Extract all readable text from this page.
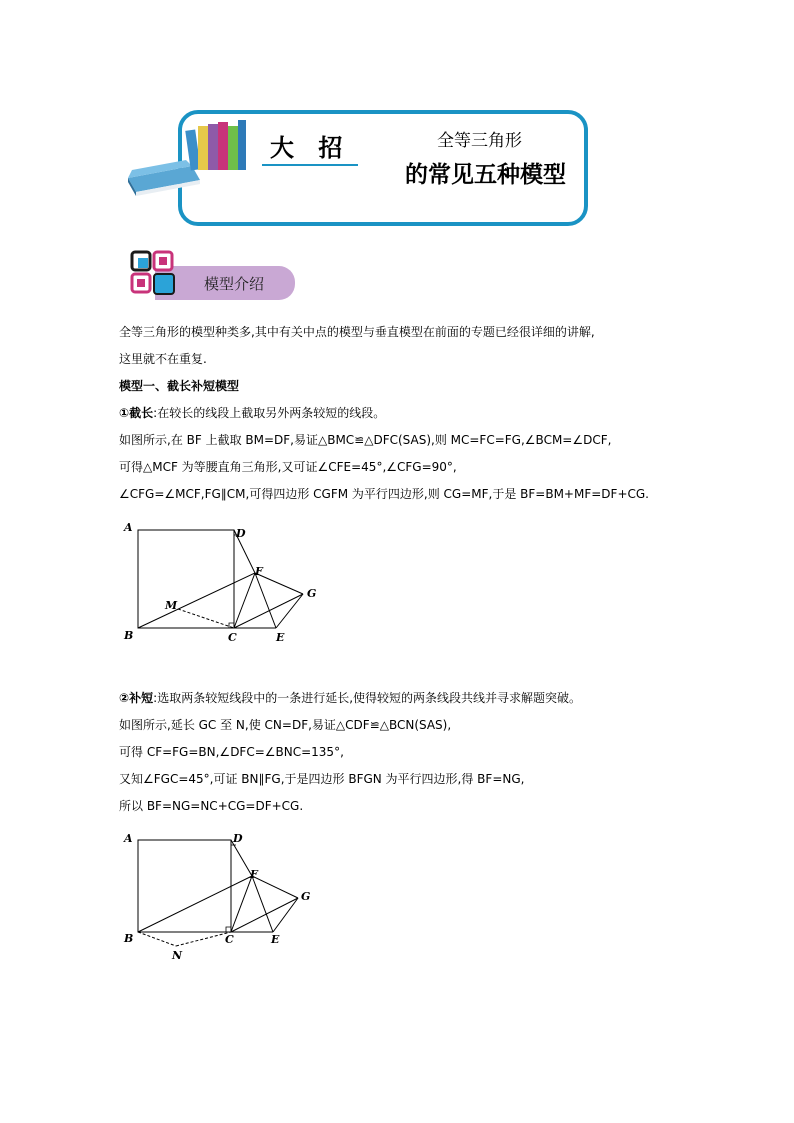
大 招	全等三角形
的常见五种模型
模型介绍
全等三角形的模型种类多,其中有关中点的模型与垂直模型在前面的专题已经很详细的讲解,
这里就不在重复.
模型一、截长补短模型
①截长:在较长的线段上截取另外两条较短的线段。
如图所示,在 BF 上截取 BM=DF,易证△BMC≌△DFC(SAS),则 MC=FC=FG,∠BCM=∠DCF,
可得△MCF 为等腰直角三角形,又可证∠CFE=45°,∠CFG=90°,
∠CFG=∠MCF,FG∥CM,可得四边形 CGFM 为平行四边形,则 CG=MF,于是 BF=BM+MF=DF+CG.
A	D
F
G
M
B	C	E
②补短:选取两条较短线段中的一条进行延长,使得较短的两条线段共线并寻求解题突破。
如图所示,延长 GC 至 N,使 CN=DF,易证△CDF≌△BCN(SAS),
可得 CF=FG=BN,∠DFC=∠BNC=135°,
又知∠FGC=45°,可证 BN∥FG,于是四边形 BFGN 为平行四边形,得 BF=NG,
所以 BF=NG=NC+CG=DF+CG.
A	D
F
G
B	C	E
N
